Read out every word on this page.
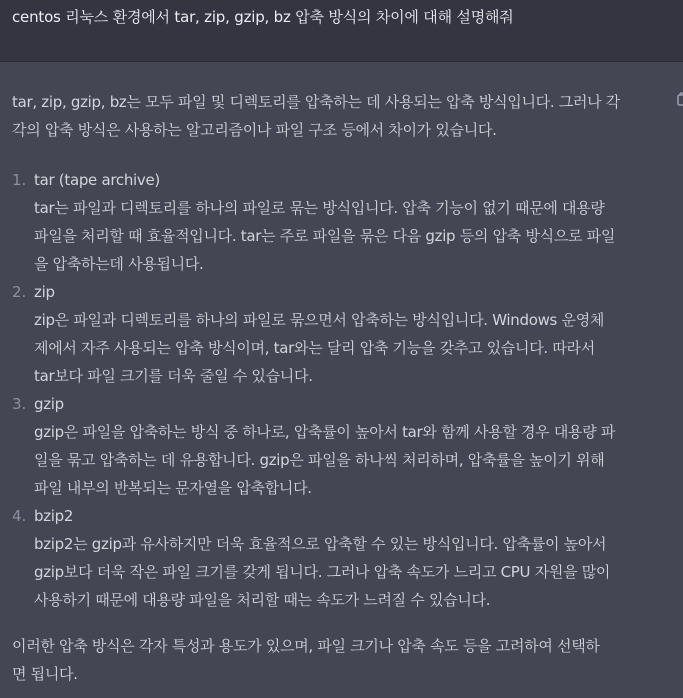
centos 리눅스 환경에서 tar, zip, gzip, bz 압축 방식의 차이에 대해 설명해줘
tar, zip, gzip, bz는 모두 파일 및 디렉토리를 압축하는 데 사용되는 압축 방식입니다. 그러나 각
각의 압축 방식은 사용하는 알고리즘이나 파일 구조 등에서 차이가 있습니다.
1. tar (tape archive)
tar는 파일과 디렉토리를 하나의 파일로 묶는 방식입니다. 압축 기능이 없기 때문에 대용량
파일을 처리할 때 효율적입니다. tar는 주로 파일을 묶은 다음 gzip 등의 압축 방식으로 파일
을 압축하는데 사용됩니다.
2. zip
zip은 파일과 디렉토리를 하나의 파일로 묶으면서 압축하는 방식입니다. Windows 운영체
제에서 자주 사용되는 압축 방식이며, tar와는 달리 압축 기능을 갖추고 있습니다. 따라서
tar보다 파일 크기를 더욱 줄일 수 있습니다.
3. gzip
gzip은 파일을 압축하는 방식 중 하나로, 압축률이 높아서 tar와 함께 사용할 경우 대용량 파
일을 묶고 압축하는 데 유용합니다. gzip은 파일을 하나씩 처리하며, 압축률을 높이기 위해
파일 내부의 반복되는 문자열을 압축합니다.
4. bzip2
bzip2는 gzip과 유사하지만 더욱 효율적으로 압축할 수 있는 방식입니다. 압축률이 높아서
gzip보다 더욱 작은 파일 크기를 갖게 됩니다. 그러나 압축 속도가 느리고 CPU 자원을 많이
사용하기 때문에 대용량 파일을 처리할 때는 속도가 느려질 수 있습니다.
이러한 압축 방식은 각자 특성과 용도가 있으며, 파일 크기나 압축 속도 등을 고려하여 선택하
면 됩니다.
